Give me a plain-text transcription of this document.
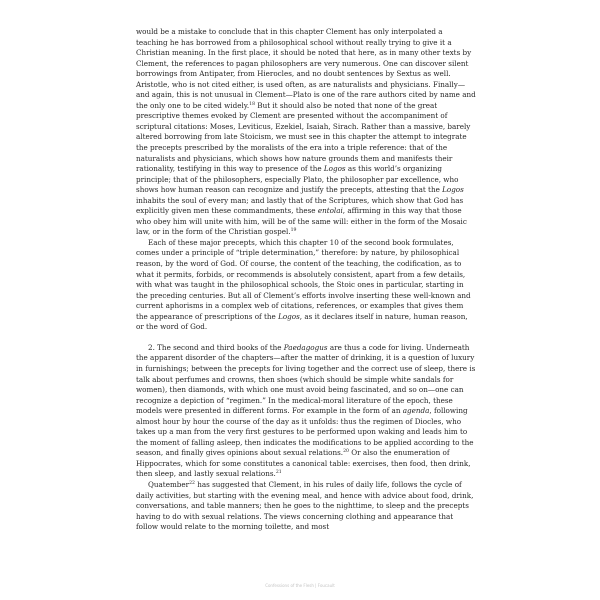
would be a mistake to conclude that in this chapter Clement has only interpolated a teaching he has borrowed from a philosophical school without really trying to give it a Christian meaning. In the first place, it should be noted that here, as in many other texts by Clement, the references to pagan philosophers are very numerous. One can discover silent borrowings from Antipater, from Hierocles, and no doubt sentences by Sextus as well. Aristotle, who is not cited either, is used often, as are naturalists and physicians. Finally—and again, this is not unusual in Clement—Plato is one of the rare authors cited by name and the only one to be cited widely.$^{18}$ But it should also be noted that none of the great prescriptive themes evoked by Clement are presented without the accompaniment of scriptural citations: Moses, Leviticus, Ezekiel, Isaiah, Sirach. Rather than a massive, barely altered borrowing from late Stoicism, we must see in this chapter the attempt to integrate the precepts prescribed by the moralists of the era into a triple reference: that of the naturalists and physicians, which shows how nature grounds them and manifests their rationality, testifying in this way to presence of the Logos as this world’s organizing principle; that of the philosophers, especially Plato, the philosopher par excellence, who shows how human reason can recognize and justify the precepts, attesting that the Logos inhabits the soul of every man; and lastly that of the Scriptures, which show that God has explicitly given men these commandments, these entolai, affirming in this way that those who obey him will unite with him, will be of the same will: either in the form of the Mosaic law, or in the form of the Christian gospel.$^{19}$

Each of these major precepts, which this chapter 10 of the second book formulates, comes under a principle of “triple determination,” therefore: by nature, by philosophical reason, by the word of God. Of course, the content of the teaching, the codification, as to what it permits, forbids, or recommends is absolutely consistent, apart from a few details, with what was taught in the philosophical schools, the Stoic ones in particular, starting in the preceding centuries. But all of Clement’s efforts involve inserting these well-known and current aphorisms in a complex web of citations, references, or examples that gives them the appearance of prescriptions of the Logos, as it declares itself in nature, human reason, or the word of God.

2. The second and third books of the Paedagogus are thus a code for living. Underneath the apparent disorder of the chapters—after the matter of drinking, it is a question of luxury in furnishings; between the precepts for living together and the correct use of sleep, there is talk about perfumes and crowns, then shoes (which should be simple white sandals for women), then diamonds, with which one must avoid being fascinated, and so on—one can recognize a depiction of “regimen.” In the medical-moral literature of the epoch, these models were presented in different forms. For example in the form of an agenda, following almost hour by hour the course of the day as it unfolds: thus the regimen of Diocles, who takes up a man from the very first gestures to be performed upon waking and leads him to the moment of falling asleep, then indicates the modifications to be applied according to the season, and finally gives opinions about sexual relations.$^{20}$ Or also the enumeration of Hippocrates, which for some constitutes a canonical table: exercises, then food, then drink, then sleep, and lastly sexual relations.$^{21}$

Quatember$^{22}$ has suggested that Clement, in his rules of daily life, follows the cycle of daily activities, but starting with the evening meal, and hence with advice about food, drink, conversations, and table manners; then he goes to the nighttime, to sleep and the precepts having to do with sexual relations. The views concerning clothing and appearance that follow would relate to the morning toilette, and most

Confessions of the Flesh | Foucault
